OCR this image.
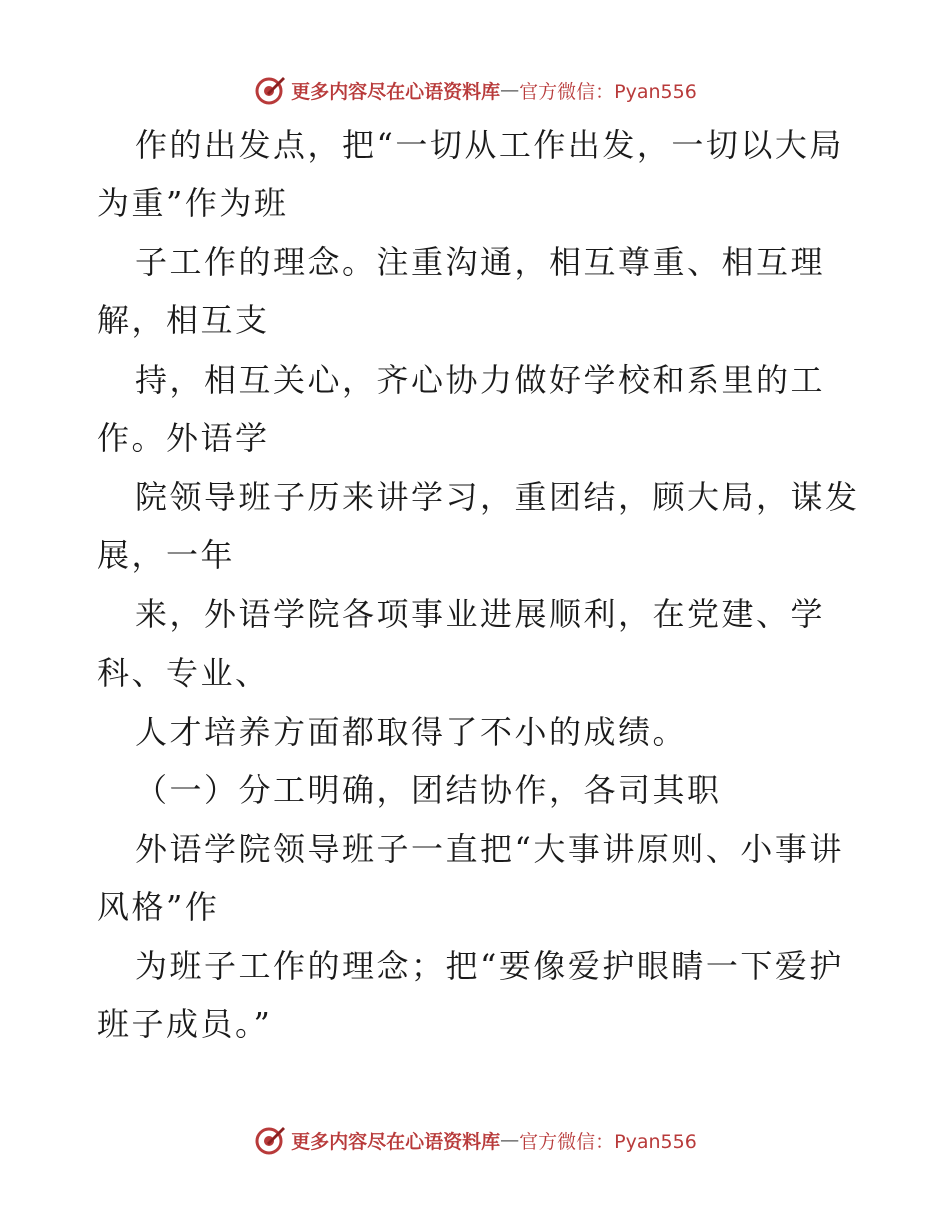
更多内容尽在心语资料库 — 官方微信：Pyan556
作的出发点，把“一切从工作出发，一切以大局
为重”作为班
子工作的理念。注重沟通，相互尊重、相互理
解，相互支
持，相互关心，齐心协力做好学校和系里的工
作。外语学
院领导班子历来讲学习，重团结，顾大局，谋发
展，一年
来，外语学院各项事业进展顺利，在党建、学
科、专业、
人才培养方面都取得了不小的成绩。
（一）分工明确，团结协作，各司其职
外语学院领导班子一直把“大事讲原则、小事讲
风格”作
为班子工作的理念；把“要像爱护眼睛一下爱护
班子成员。”
更多内容尽在心语资料库 — 官方微信：Pyan556
